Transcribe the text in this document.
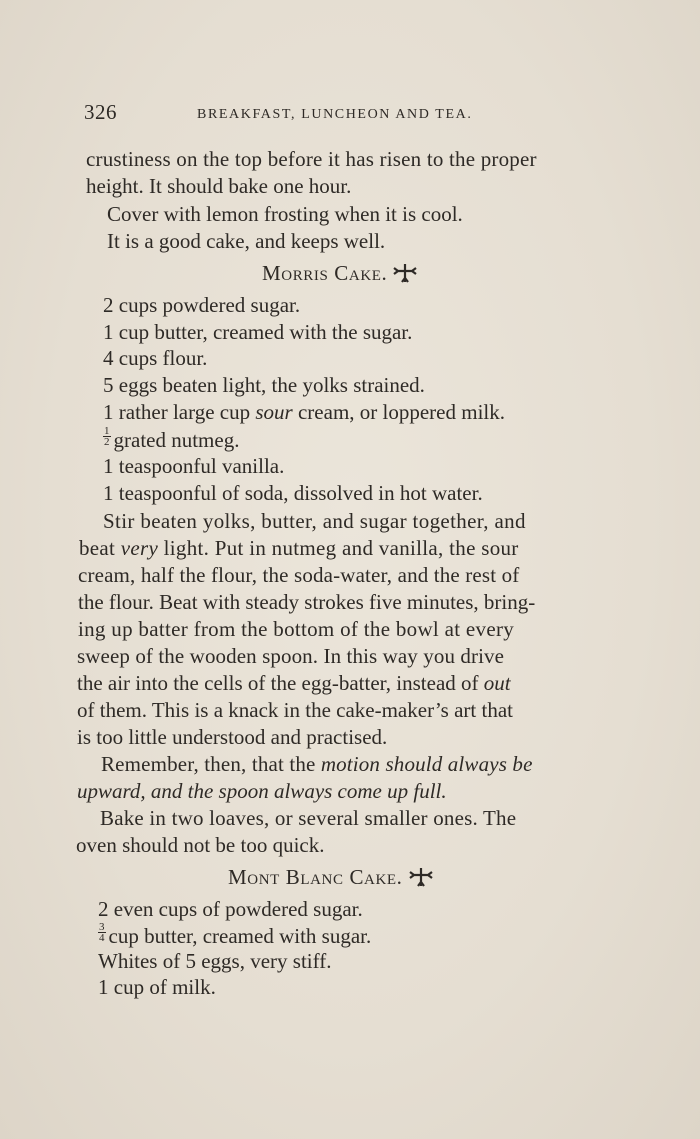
326	BREAKFAST, LUNCHEON AND TEA.
crustiness on the top before it has risen to the proper
height. It should bake one hour.
Cover with lemon frosting when it is cool.
It is a good cake, and keeps well.
Morris Cake.
2 cups powdered sugar.
1 cup butter, creamed with the sugar.
4 cups flour.
5 eggs beaten light, the yolks strained.
1 rather large cup sour cream, or loppered milk.
$\frac{1}{2}$ grated nutmeg.
1 teaspoonful vanilla.
1 teaspoonful of soda, dissolved in hot water.
Stir beaten yolks, butter, and sugar together, and
beat very light. Put in nutmeg and vanilla, the sour
cream, half the flour, the soda-water, and the rest of
the flour. Beat with steady strokes five minutes, bring-
ing up batter from the bottom of the bowl at every
sweep of the wooden spoon. In this way you drive
the air into the cells of the egg-batter, instead of out
of them. This is a knack in the cake-maker’s art that
is too little understood and practised.
Remember, then, that the motion should always be
upward, and the spoon always come up full.
Bake in two loaves, or several smaller ones. The
oven should not be too quick.
Mont Blanc Cake.
2 even cups of powdered sugar.
$\frac{3}{4}$ cup butter, creamed with sugar.
Whites of 5 eggs, very stiff.
1 cup of milk.
